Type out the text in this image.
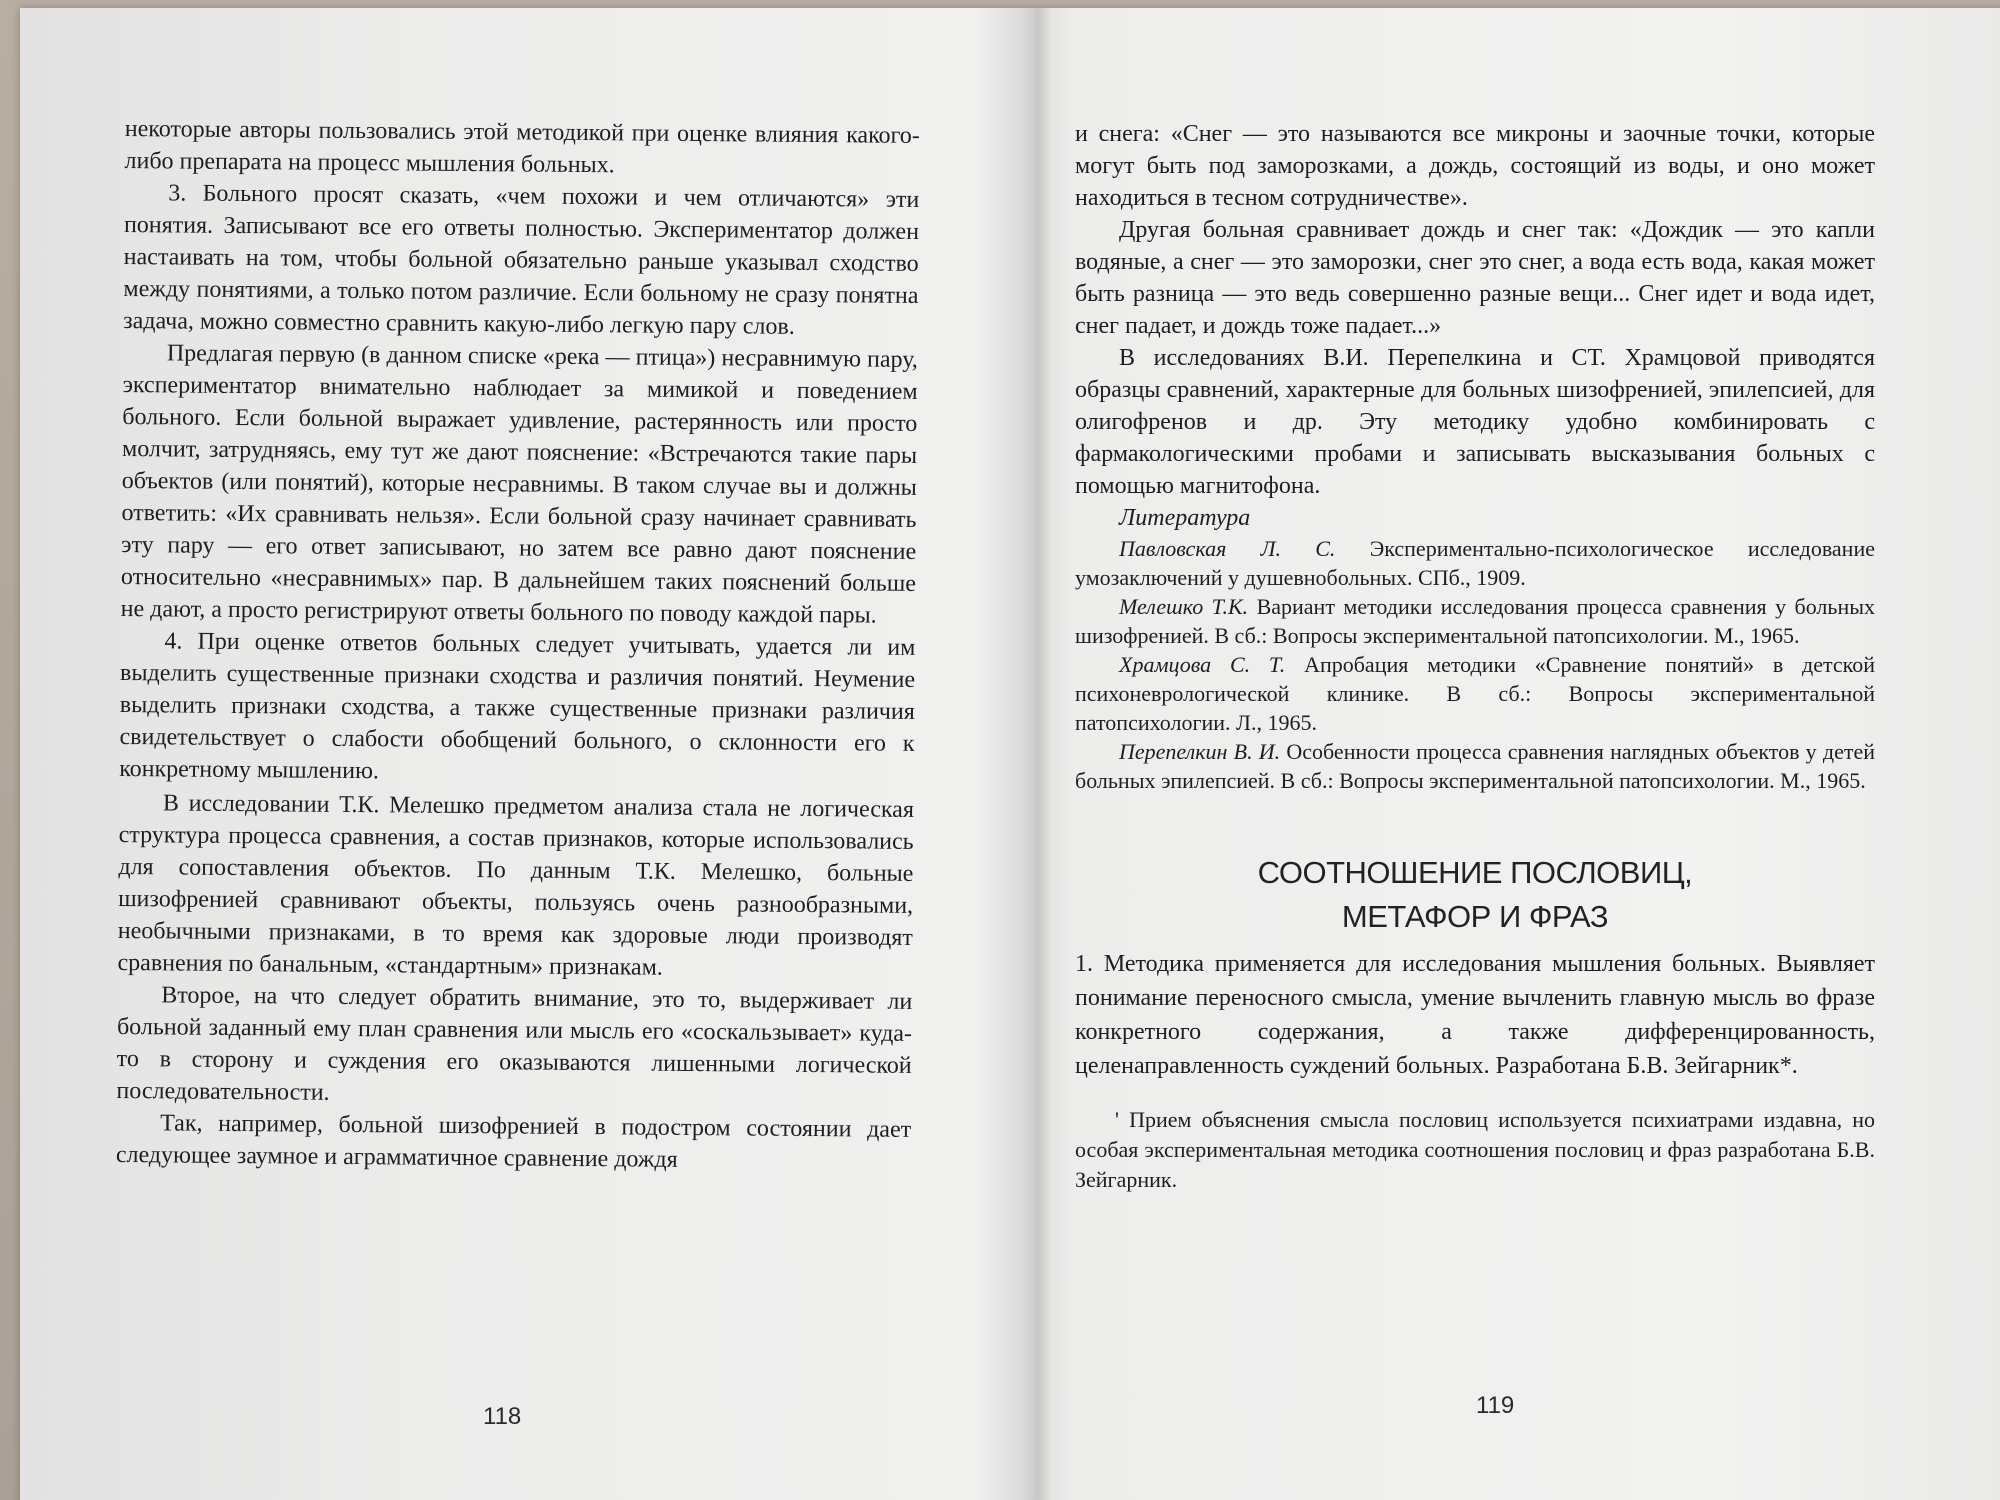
некоторые авторы пользовались этой методикой при оценке влияния какого-либо препарата на процесс мышления больных.

3. Больного просят сказать, «чем похожи и чем отличаются» эти понятия. Записывают все его ответы полностью. Экспериментатор должен настаивать на том, чтобы больной обязательно раньше указывал сходство между понятиями, а только потом различие. Если больному не сразу понятна задача, можно совместно сравнить какую-либо легкую пару слов.

Предлагая первую (в данном списке «река — птица») несравнимую пару, экспериментатор внимательно наблюдает за мимикой и поведением больного. Если больной выражает удивление, растерянность или просто молчит, затрудняясь, ему тут же дают пояснение: «Встречаются такие пары объектов (или понятий), которые несравнимы. В таком случае вы и должны ответить: «Их сравнивать нельзя». Если больной сразу начинает сравнивать эту пару — его ответ записывают, но затем все равно дают пояснение относительно «несравнимых» пар. В дальнейшем таких пояснений больше не дают, а просто регистрируют ответы больного по поводу каждой пары.

4. При оценке ответов больных следует учитывать, удается ли им выделить существенные признаки сходства и различия понятий. Неумение выделить признаки сходства, а также существенные признаки различия свидетельствует о слабости обобщений больного, о склонности его к конкретному мышлению.

В исследовании Т.К. Мелешко предметом анализа стала не логическая структура процесса сравнения, а состав признаков, которые использовались для сопоставления объектов. По данным Т.К. Мелешко, больные шизофренией сравнивают объекты, пользуясь очень разнообразными, необычными признаками, в то время как здоровые люди производят сравнения по банальным, «стандартным» признакам.

Второе, на что следует обратить внимание, это то, выдерживает ли больной заданный ему план сравнения или мысль его «соскальзывает» куда-то в сторону и суждения его оказываются лишенными логической последовательности.

Так, например, больной шизофренией в подостром состоянии дает следующее заумное и аграмматичное сравнение дождя

118

и снега: «Снег — это называются все микроны и заочные точки, которые могут быть под заморозками, а дождь, состоящий из воды, и оно может находиться в тесном сотрудничестве».

Другая больная сравнивает дождь и снег так: «Дождик — это капли водяные, а снег — это заморозки, снег это снег, а вода есть вода, какая может быть разница — это ведь совершенно разные вещи... Снег идет и вода идет, снег падает, и дождь тоже падает...»

В исследованиях В.И. Перепелкина и СТ. Храмцовой приводятся образцы сравнений, характерные для больных шизофренией, эпилепсией, для олигофренов и др. Эту методику удобно комбинировать с фармакологическими пробами и записывать высказывания больных с помощью магнитофона.

Литература

Павловская Л. С. Экспериментально-психологическое исследование умозаключений у душевнобольных. СПб., 1909.

Мелешко Т.К. Вариант методики исследования процесса сравнения у больных шизофренией. В сб.: Вопросы экспериментальной патопсихологии. М., 1965.

Храмцова С. Т. Апробация методики «Сравнение понятий» в детской психоневрологической клинике. В сб.: Вопросы экспериментальной патопсихологии. Л., 1965.

Перепелкин В. И. Особенности процесса сравнения наглядных объектов у детей больных эпилепсией. В сб.: Вопросы экспериментальной патопсихологии. М., 1965.

СООТНОШЕНИЕ ПОСЛОВИЦ,
МЕТАФОР И ФРАЗ

1. Методика применяется для исследования мышления больных. Выявляет понимание переносного смысла, умение вычленить главную мысль во фразе конкретного содержания, а также дифференцированность, целенаправленность суждений больных. Разработана Б.В. Зейгарник*.

' Прием объяснения смысла пословиц используется психиатрами издавна, но особая экспериментальная методика соотношения пословиц и фраз разработана Б.В. Зейгарник.

119
